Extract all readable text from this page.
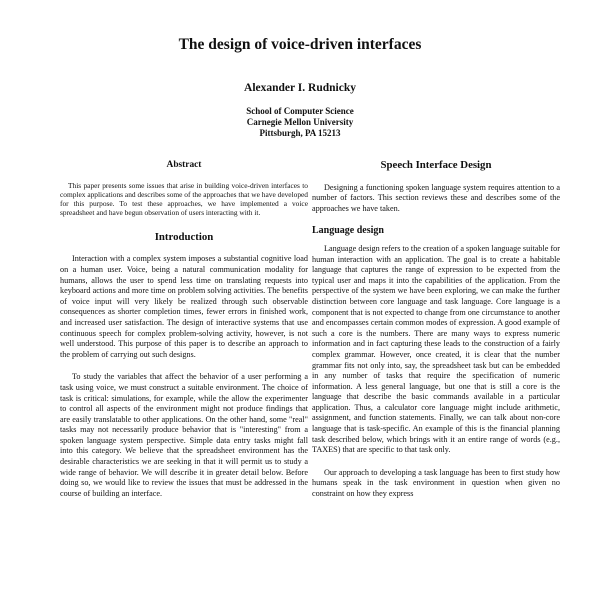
The design of voice-driven interfaces
Alexander I. Rudnicky
School of Computer Science
Carnegie Mellon University
Pittsburgh, PA 15213
Abstract

This paper presents some issues that arise in building voice-driven interfaces to complex applications and describes some of the approaches that we have developed for this purpose. To test these approaches, we have implemented a voice spreadsheet and have begun observation of users interacting with it.

Introduction

Interaction with a complex system imposes a substantial cognitive load on a human user. Voice, being a natural communication modality for humans, allows the user to spend less time on translating requests into keyboard actions and more time on problem solving activities. The benefits of voice input will very likely be realized through such observable consequences as shorter completion times, fewer errors in finished work, and increased user satisfaction. The design of interactive systems that use continuous speech for complex problem-solving activity, however, is not well understood. This purpose of this paper is to describe an approach to the problem of carrying out such designs.

To study the variables that affect the behavior of a user performing a task using voice, we must construct a suitable environment. The choice of task is critical: simulations, for example, while the allow the experimenter to control all aspects of the environment might not produce findings that are easily translatable to other applications. On the other hand, some "real" tasks may not necessarily produce behavior that is "interesting" from a spoken language system perspective. Simple data entry tasks might fall into this category. We believe that the spreadsheet environment has the desirable characteristics we are seeking in that it will permit us to study a wide range of behavior. We will describe it in greater detail below. Before doing so, we would like to review the issues that must be addressed in the course of building an interface.

Speech Interface Design

Designing a functioning spoken language system requires attention to a number of factors. This section reviews these and describes some of the approaches we have taken.

Language design

Language design refers to the creation of a spoken language suitable for human interaction with an application. The goal is to create a habitable language that captures the range of expression to be expected from the typical user and maps it into the capabilities of the application. From the perspective of the system we have been exploring, we can make the further distinction between core language and task language. Core language is a component that is not expected to change from one circumstance to another and encompasses certain common modes of expression. A good example of such a core is the numbers. There are many ways to express numeric information and in fact capturing these leads to the construction of a fairly complex grammar. However, once created, it is clear that the number grammar fits not only into, say, the spreadsheet task but can be embedded in any number of tasks that require the specification of numeric information. A less general language, but one that is still a core is the language that describe the basic commands available in a particular application. Thus, a calculator core language might include arithmetic, assignment, and function statements. Finally, we can talk about non-core language that is task-specific. An example of this is the financial planning task described below, which brings with it an entire range of words (e.g., TAXES) that are specific to that task only.

Our approach to developing a task language has been to first study how humans speak in the task environment in question when given no constraint on how they express
